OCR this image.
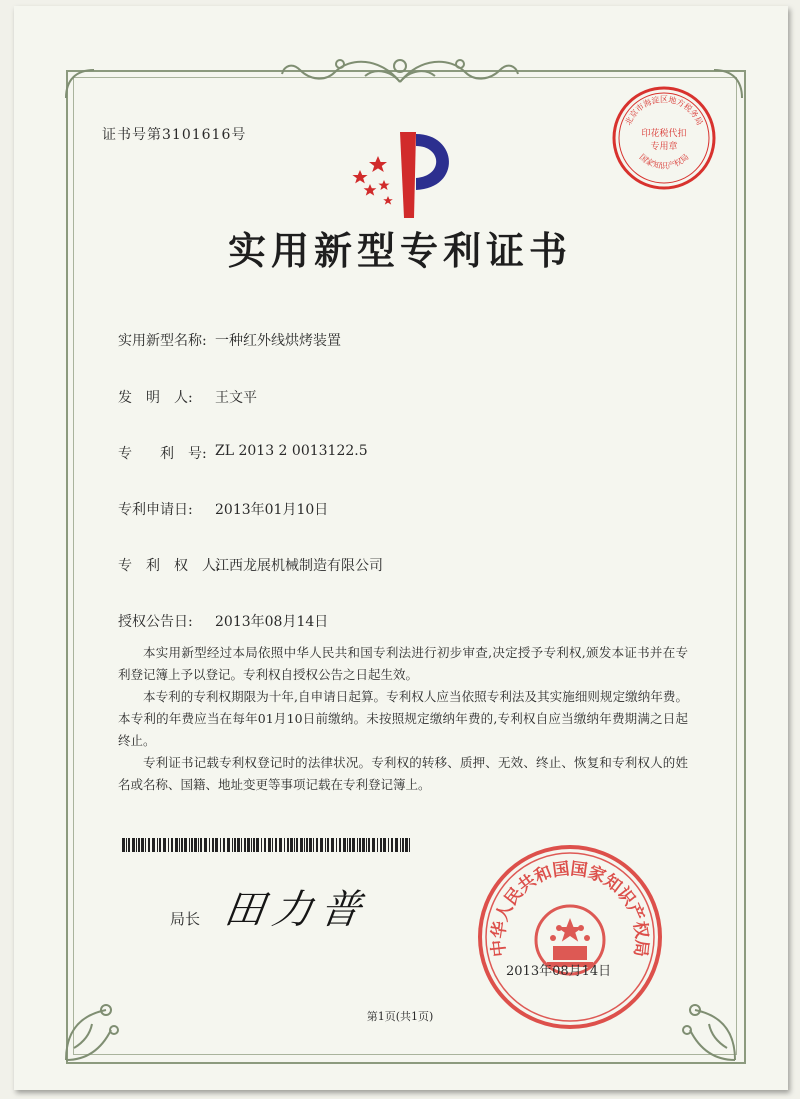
证书号第3101616号
北京市海淀区地方税务局
国家知识产权局
印花税代扣专用章
实用新型专利证书
实用新型名称: 一种红外线烘烤装置
发　明　人: 王文平
专　　利　号: ZL 2013 2 0013122.5
专利申请日: 2013年01月10日
专　利　权　人:
江西龙展机械制造有限公司
授权公告日: 2013年08月14日

本实用新型经过本局依照中华人民共和国专利法进行初步审查,决定授予专利权,颁发本证书并在专利登记簿上予以登记。专利权自授权公告之日起生效。

本专利的专利权期限为十年,自申请日起算。专利权人应当依照专利法及其实施细则规定缴纳年费。本专利的年费应当在每年01月10日前缴纳。未按照规定缴纳年费的,专利权自应当缴纳年费期满之日起终止。

专利证书记载专利权登记时的法律状况。专利权的转移、质押、无效、终止、恢复和专利权人的姓名或名称、国籍、地址变更等事项记载在专利登记簿上。

局长 田力普
中华人民共和国国家知识产权局
2013年08月14日
第1页(共1页)
